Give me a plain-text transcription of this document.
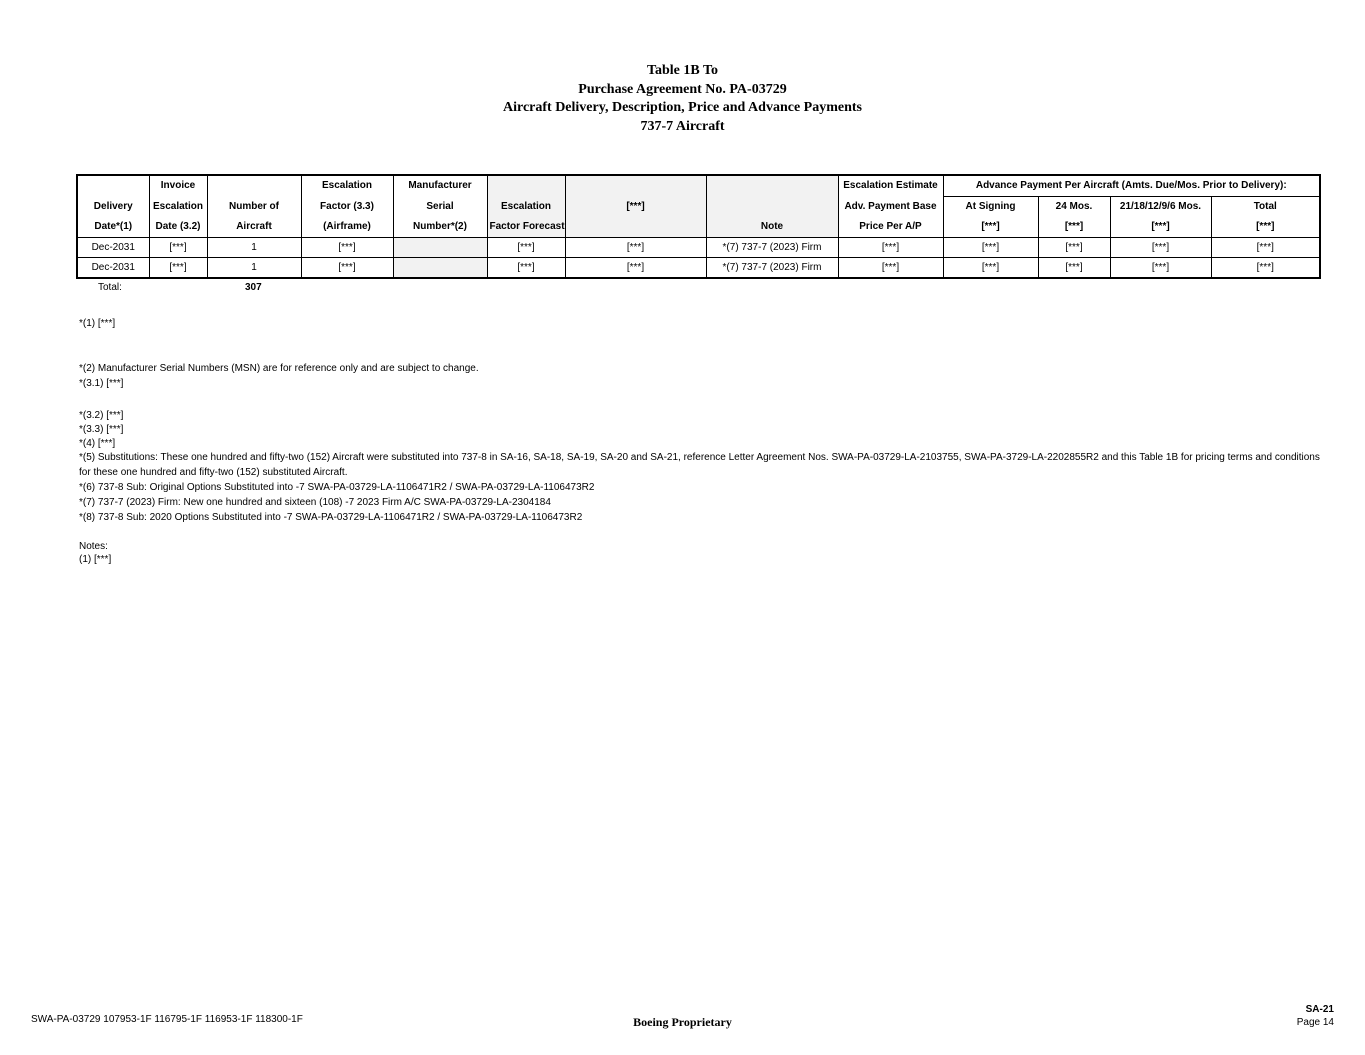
Table 1B To
Purchase Agreement No. PA-03729
Aircraft Delivery, Description, Price and Advance Payments
737-7 Aircraft
	Invoice		Escalation	Manufacturer				Escalation Estimate	Advance Payment Per Aircraft (Amts. Due/Mos. Prior to Delivery):			
Delivery	Escalation	Number of	Factor (3.3)	Serial	Escalation	[***]		Adv. Payment Base	At Signing	24 Mos.	21/18/12/9/6 Mos.	Total
Date*(1)	Date (3.2)	Aircraft	(Airframe)	Number*(2)	Factor Forecast		Note	Price Per A/P	[***]	[***]	[***]	[***]
Dec-2031	[***]	1	[***]		[***]	[***]	*(7) 737-7 (2023) Firm	[***]	[***]	[***]	[***]	[***]
Dec-2031	[***]	1	[***]		[***]	[***]	*(7) 737-7 (2023) Firm	[***]	[***]	[***]	[***]	[***]
Total:	307
*(1) [***]
*(2) Manufacturer Serial Numbers (MSN) are for reference only and are subject to change.
*(3.1) [***]
*(3.2) [***]
*(3.3) [***]
*(4) [***]
*(5) Substitutions: These one hundred and fifty-two (152) Aircraft were substituted into 737-8 in SA-16, SA-18, SA-19, SA-20 and SA-21, reference Letter Agreement Nos. SWA-PA-03729-LA-2103755, SWA-PA-3729-LA-2202855R2 and this Table 1B for pricing terms and conditions for these one hundred and fifty-two (152) substituted Aircraft.
*(6) 737-8 Sub: Original Options Substituted into -7 SWA-PA-03729-LA-1106471R2 / SWA-PA-03729-LA-1106473R2
*(7) 737-7 (2023) Firm: New one hundred and sixteen (108) -7 2023 Firm A/C SWA-PA-03729-LA-2304184
*(8) 737-8 Sub: 2020 Options Substituted into -7 SWA-PA-03729-LA-1106471R2 / SWA-PA-03729-LA-1106473R2
Notes:
(1) [***]
SWA-PA-03729 107953-1F 116795-1F 116953-1F 118300-1F	Boeing Proprietary
SA-21
Page 14
